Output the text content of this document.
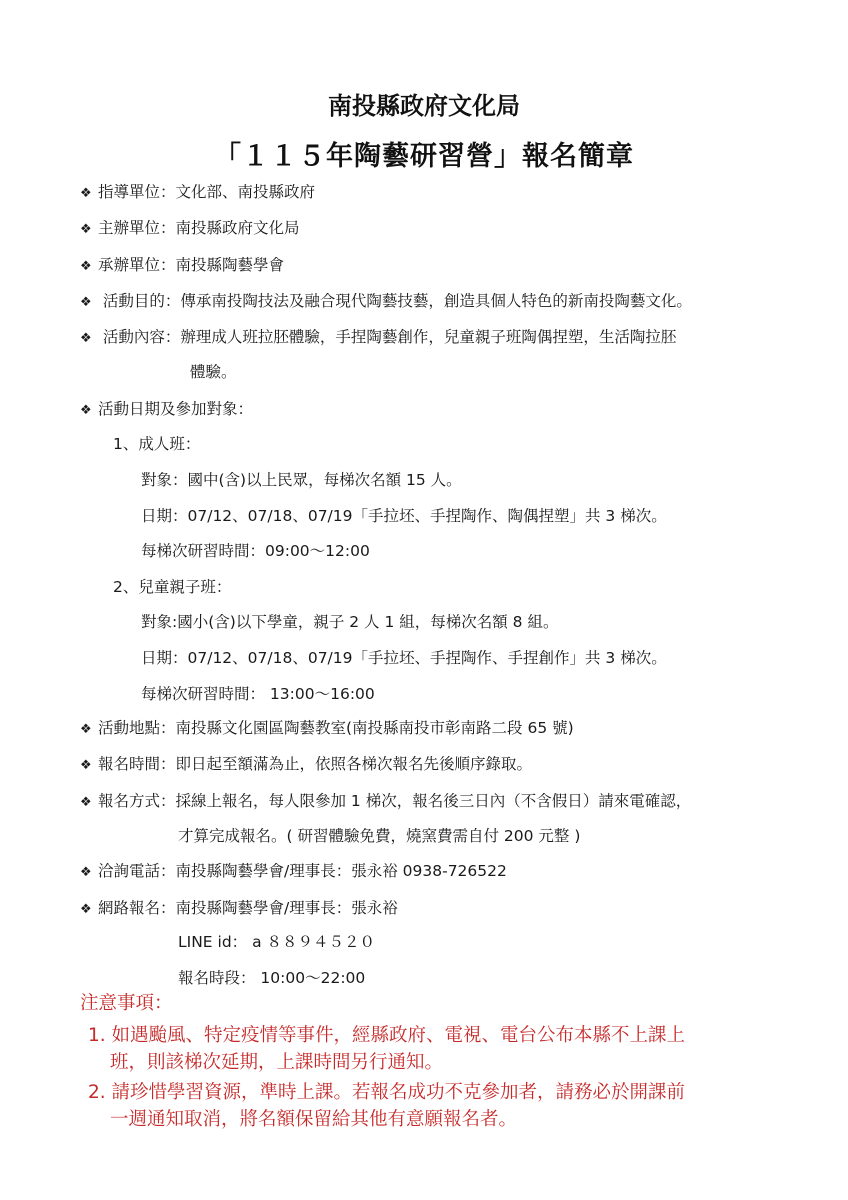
南投縣政府文化局
「１１５年陶藝研習營」報名簡章
❖ 指導單位：文化部、南投縣政府
❖ 主辦單位：南投縣政府文化局
❖ 承辦單位：南投縣陶藝學會
❖ 活動目的：傳承南投陶技法及融合現代陶藝技藝，創造具個人特色的新南投陶藝文化。
❖ 活動內容：辦理成人班拉胚體驗，手捏陶藝創作，兒童親子班陶偶捏塑，生活陶拉胚
體驗。
❖ 活動日期及參加對象：
1、成人班：
對象：國中(含)以上民眾，每梯次名額 15 人。
日期：07/12、07/18、07/19「手拉坯、手捏陶作、陶偶捏塑」共 3 梯次。
每梯次研習時間：09:00～12:00
2、兒童親子班：
對象:國小(含)以下學童，親子 2 人 1 組，每梯次名額 8 組。
日期：07/12、07/18、07/19「手拉坯、手捏陶作、手捏創作」共 3 梯次。
每梯次研習時間： 13:00～16:00
❖ 活動地點：南投縣文化園區陶藝教室(南投縣南投市彰南路二段 65 號)
❖ 報名時間：即日起至額滿為止，依照各梯次報名先後順序錄取。
❖ 報名方式：採線上報名，每人限參加 1 梯次，報名後三日內（不含假日）請來電確認，
才算完成報名。( 研習體驗免費，燒窯費需自付 200 元整 )
❖ 洽詢電話：南投縣陶藝學會/理事長：張永裕 0938-726522
❖ 網路報名：南投縣陶藝學會/理事長：張永裕
LINE id： a ８８９４５２０
報名時段： 10:00～22:00
注意事項：
1. 如遇颱風、特定疫情等事件，經縣政府、電視、電台公布本縣不上課上
班，則該梯次延期，上課時間另行通知。
2. 請珍惜學習資源，準時上課。若報名成功不克參加者，請務必於開課前
一週通知取消，將名額保留給其他有意願報名者。
